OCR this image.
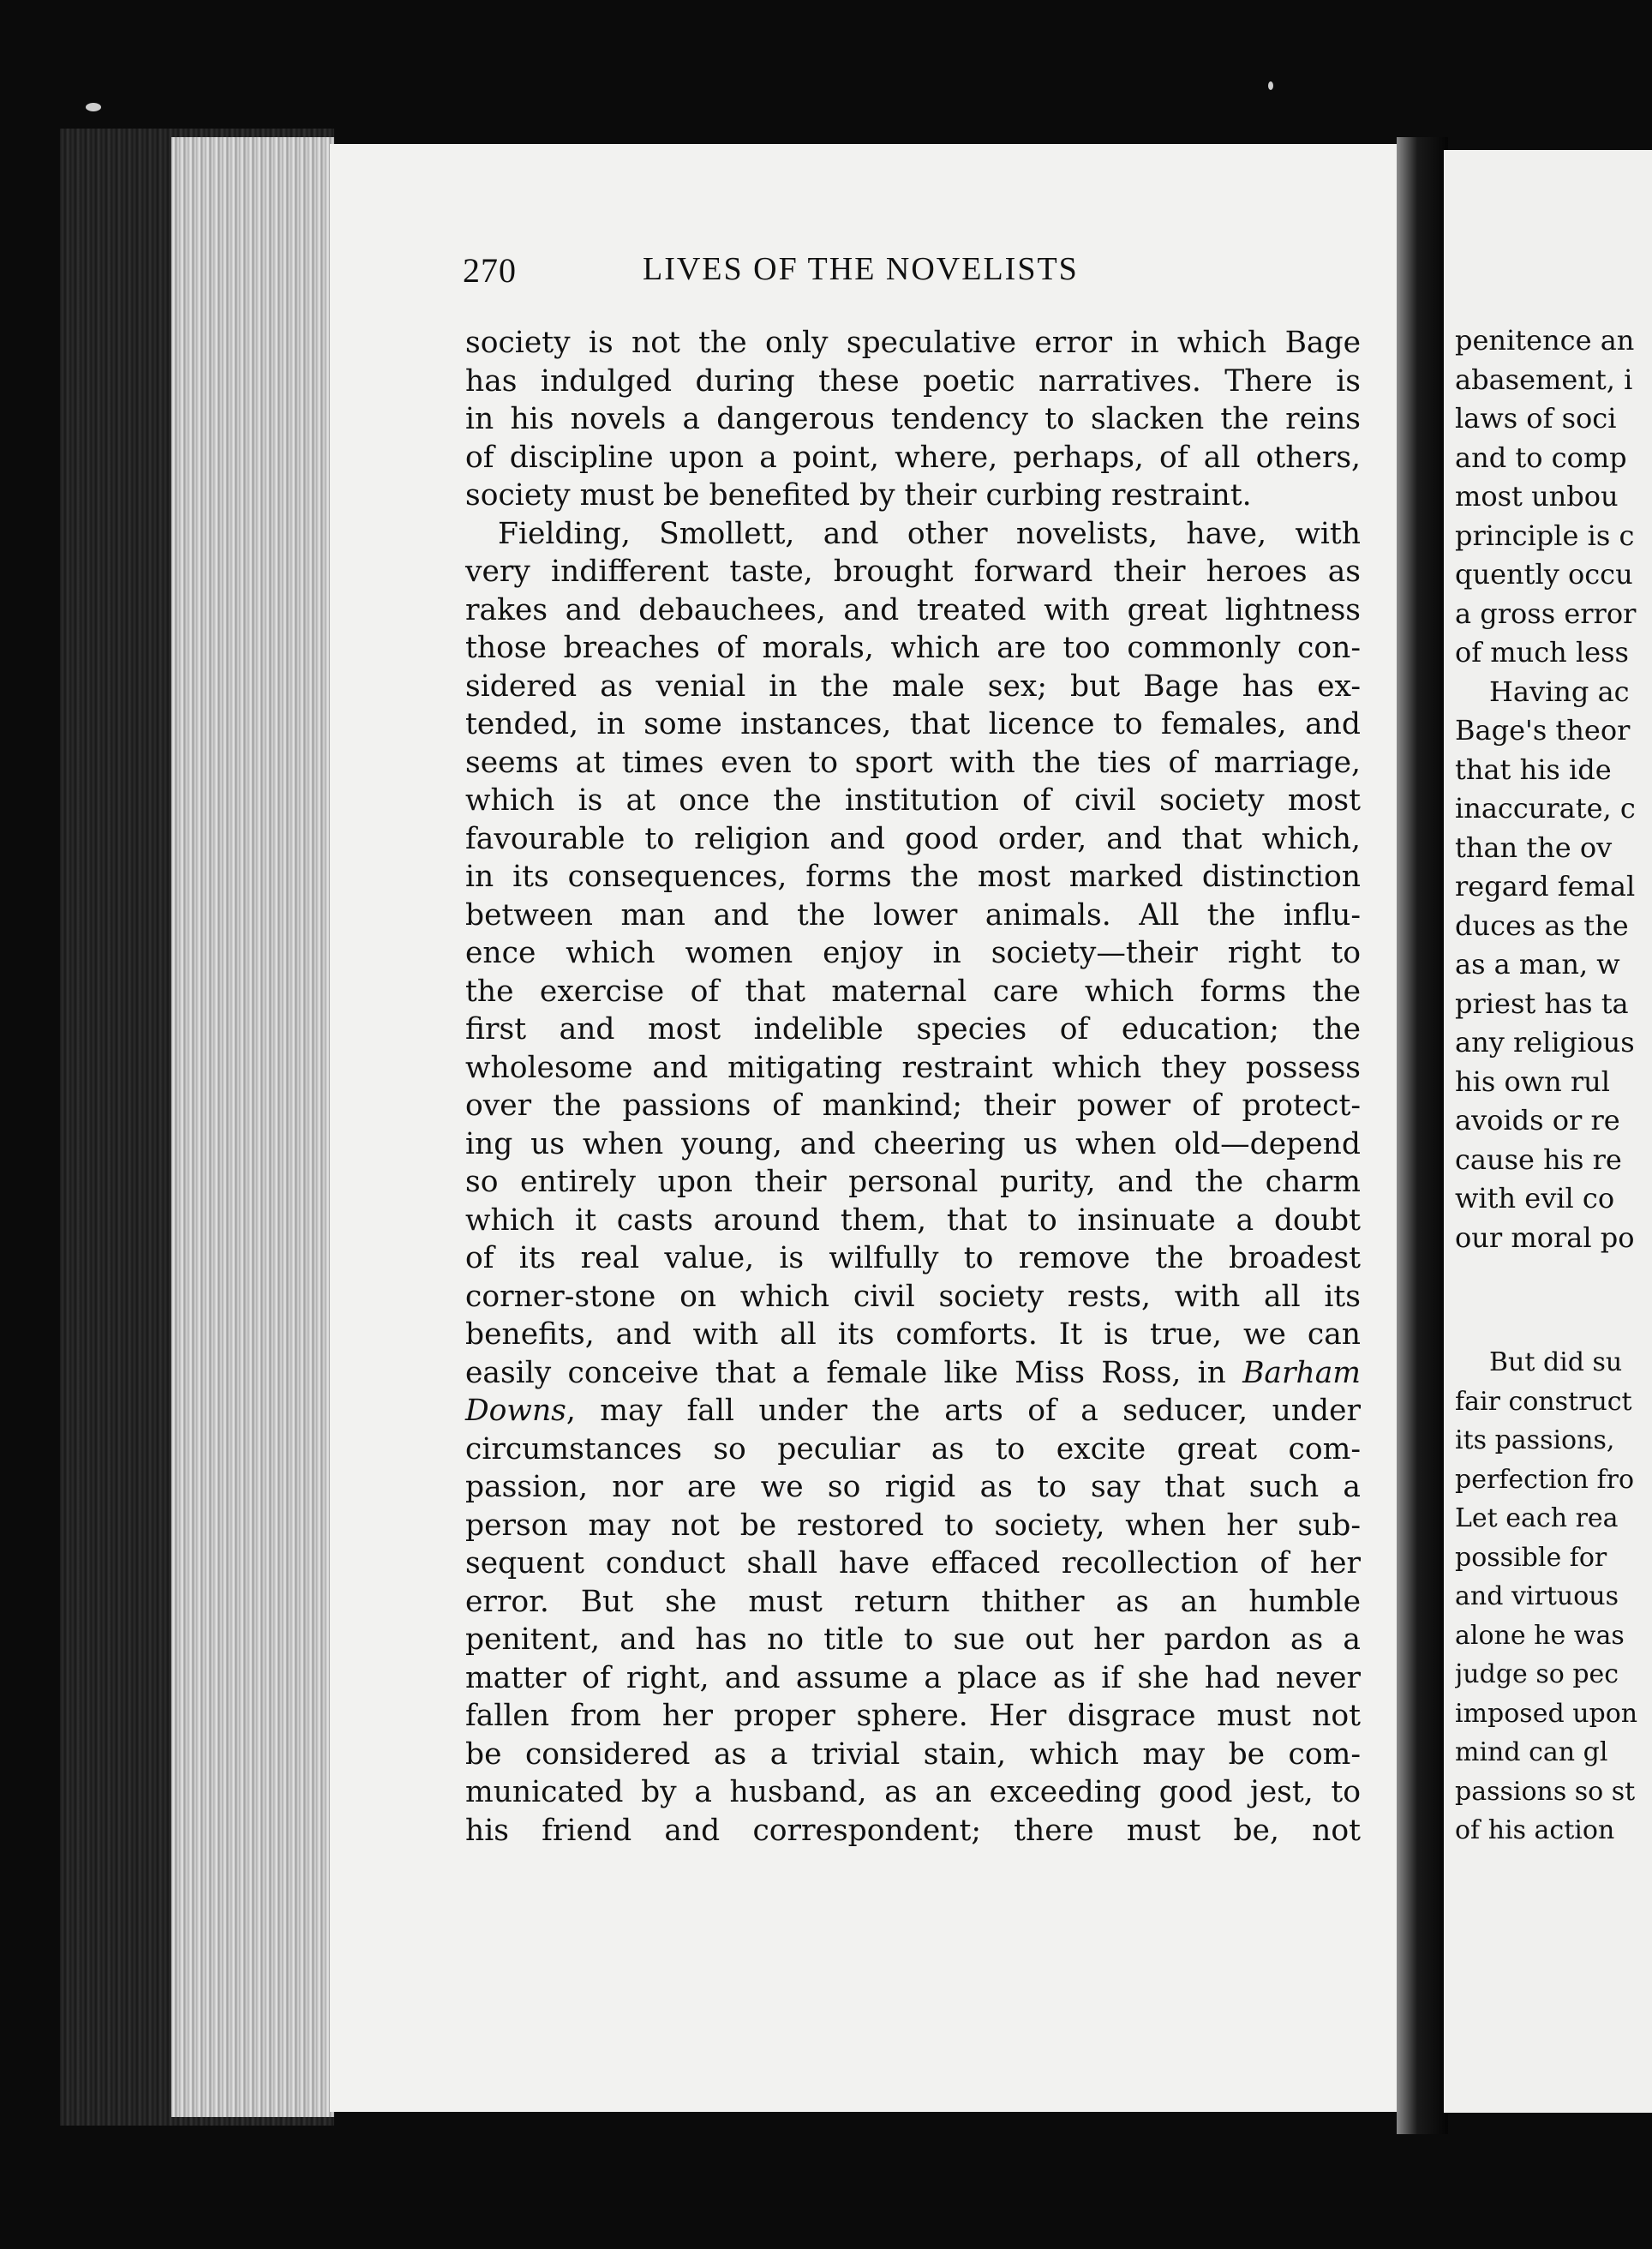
270	LIVES OF THE NOVELISTS
society is not the only speculative error in which Bage
has indulged during these poetic narratives. There is
in his novels a dangerous tendency to slacken the reins
of discipline upon a point, where, perhaps, of all others,
society must be benefited by their curbing restraint.
Fielding, Smollett, and other novelists, have, with
very indifferent taste, brought forward their heroes as
rakes and debauchees, and treated with great lightness
those breaches of morals, which are too commonly con-
sidered as venial in the male sex; but Bage has ex-
tended, in some instances, that licence to females, and
seems at times even to sport with the ties of marriage,
which is at once the institution of civil society most
favourable to religion and good order, and that which,
in its consequences, forms the most marked distinction
between man and the lower animals. All the influ-
ence which women enjoy in society—their right to
the exercise of that maternal care which forms the
first and most indelible species of education; the
wholesome and mitigating restraint which they possess
over the passions of mankind; their power of protect-
ing us when young, and cheering us when old—depend
so entirely upon their personal purity, and the charm
which it casts around them, that to insinuate a doubt
of its real value, is wilfully to remove the broadest
corner-stone on which civil society rests, with all its
benefits, and with all its comforts. It is true, we can
easily conceive that a female like Miss Ross, in Barham
Downs, may fall under the arts of a seducer, under
circumstances so peculiar as to excite great com-
passion, nor are we so rigid as to say that such a
person may not be restored to society, when her sub-
sequent conduct shall have effaced recollection of her
error. But she must return thither as an humble
penitent, and has no title to sue out her pardon as a
matter of right, and assume a place as if she had never
fallen from her proper sphere. Her disgrace must not
be considered as a trivial stain, which may be com-
municated by a husband, as an exceeding good jest, to
his friend and correspondent; there must be, not
penitence an
abasement, i
laws of soci
and to comp
most unbou
principle is c
quently occu
a gross error
of much less
Having ac
Bage's theor
that his ide
inaccurate, c
than the ov
regard femal
duces as the
as a man, w
priest has ta
any religious
his own rul
avoids or re
cause his re
with evil co
our moral po
But did su
fair construct
its passions,
perfection fro
Let each rea
possible for
and virtuous
alone he was
judge so pec
imposed upon
mind can gl
passions so st
of his action
